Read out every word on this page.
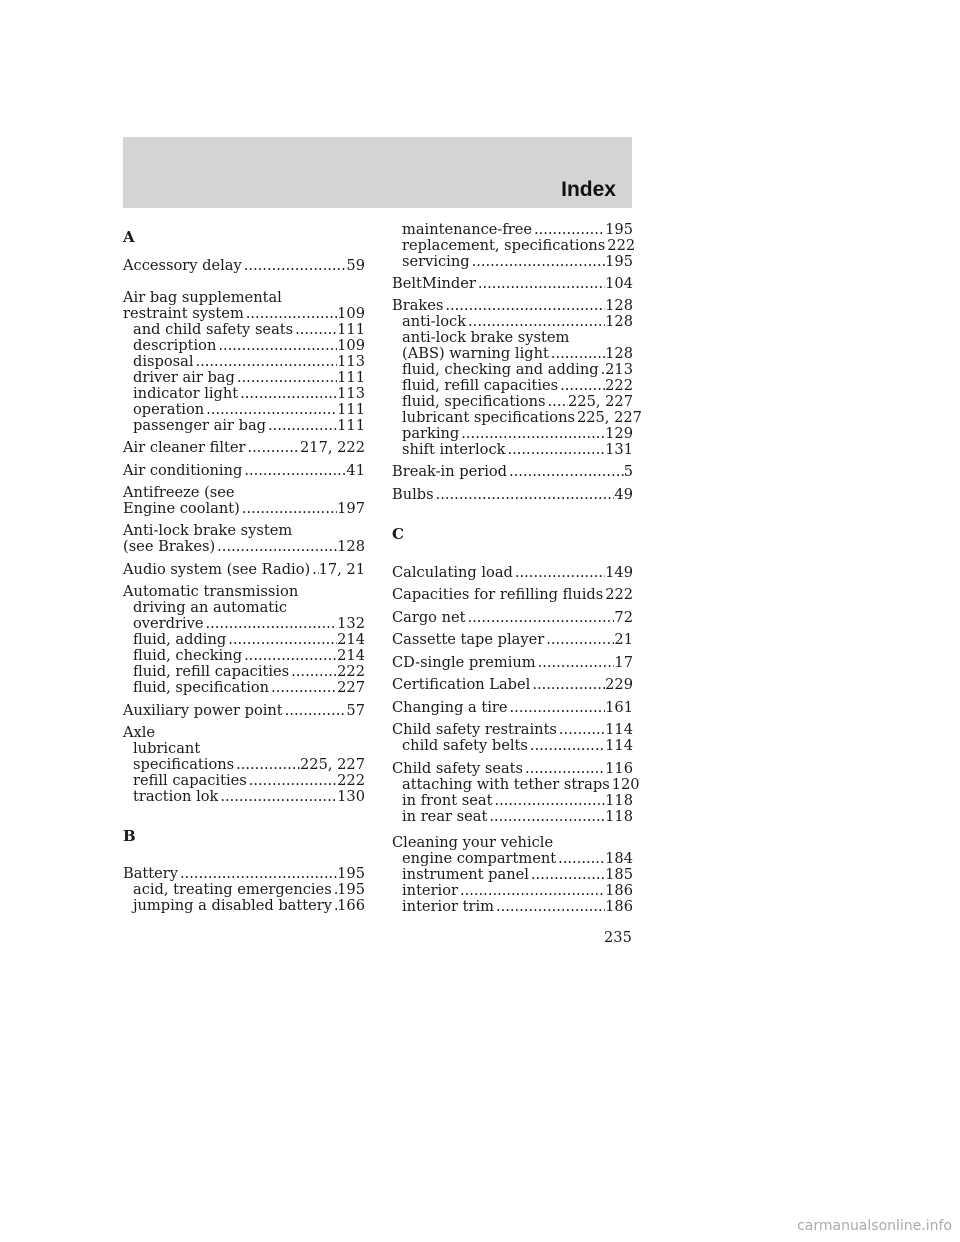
Index
A
Accessory delay .....	59
Air bag supplemental
restraint system .....	109
and child safety seats .....	111
description .....	109
disposal .....	113
driver air bag .....	111
indicator light .....	113
operation .....	111
passenger air bag .....	111
Air cleaner filter .....	217, 222
Air conditioning .....	41
Antifreeze (see
Engine coolant) .....	197
Anti-lock brake system
(see Brakes) .....	128
Audio system (see Radio) ..... 17, 21
Automatic transmission
driving an automatic
overdrive .....	132
fluid, adding .....	214
fluid, checking .....	214
fluid, refill capacities .....	222
fluid, specification .....	227
Auxiliary power point .....	57
Axle
lubricant
specifications .....	225, 227
refill capacities .....	222
traction lok .....	130
B
Battery .....	195
acid, treating emergencies ..... 195
jumping a disabled battery ..... 166
maintenance-free .....	195
replacement, specifications 222
servicing .....	195
BeltMinder .....	104
Brakes .....	128
anti-lock .....	128
anti-lock brake system
(ABS) warning light .....	128
fluid, checking and adding ..... 213
fluid, refill capacities .....	222
fluid, specifications ..... 225, 227
lubricant specifications 225, 227
parking .....	129
shift interlock .....	131
Break-in period .....	5
Bulbs .....	49
C
Calculating load .....	149
Capacities for refilling fluids 222
Cargo net .....	72
Cassette tape player .....	21
CD-single premium .....	17
Certification Label .....	229
Changing a tire .....	161
Child safety restraints .....	114
child safety belts .....	114
Child safety seats .....	116
attaching with tether straps 120
in front seat .....	118
in rear seat .....	118
Cleaning your vehicle
engine compartment .....	184
instrument panel .....	185
interior .....	186
interior trim .....	186
235
carmanualsonline.info
